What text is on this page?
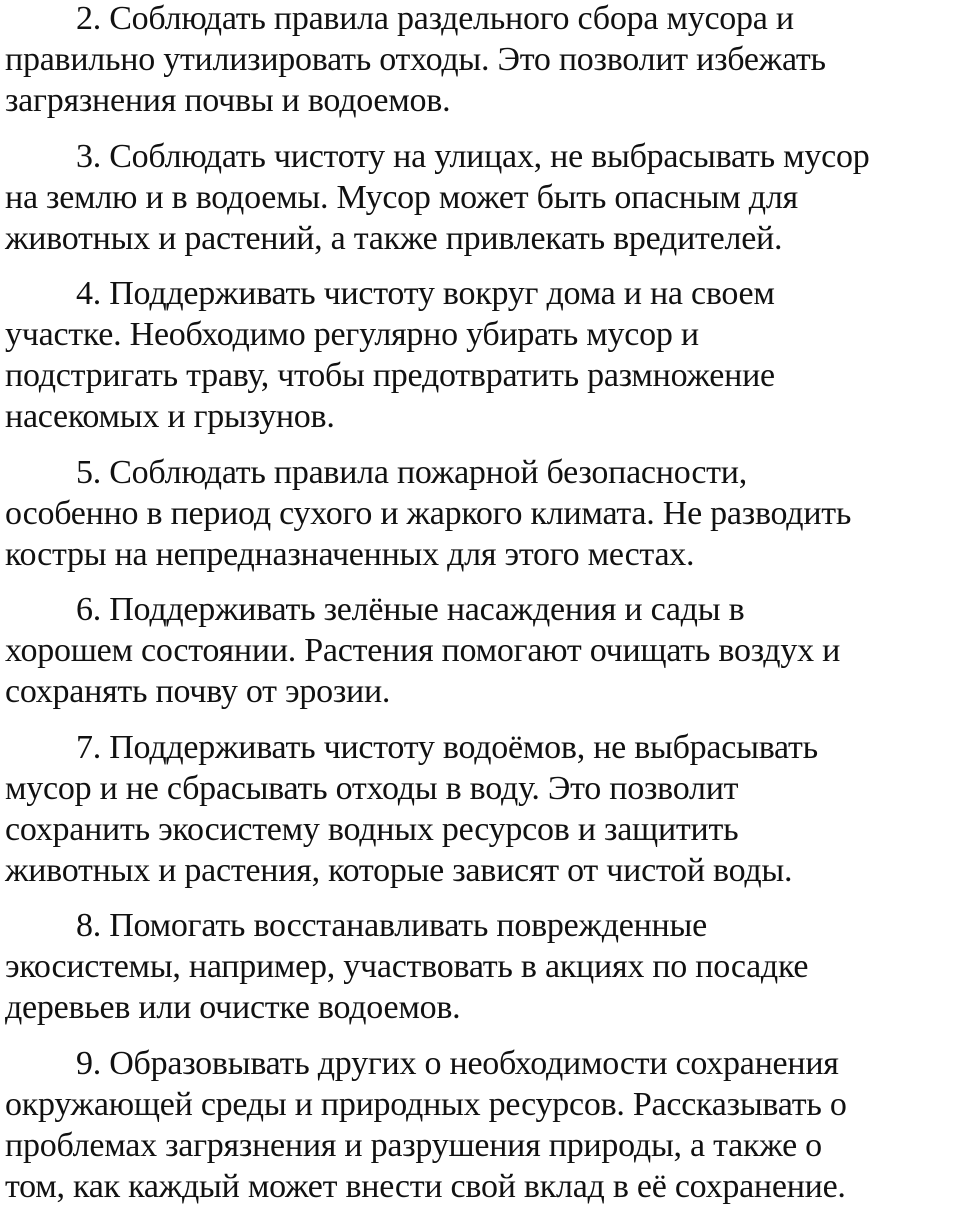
2. Соблюдать правила раздельного сбора мусора и
правильно утилизировать отходы. Это позволит избежать
загрязнения почвы и водоемов.
3. Соблюдать чистоту на улицах, не выбрасывать мусор
на землю и в водоемы. Мусор может быть опасным для
животных и растений, а также привлекать вредителей.
4. Поддерживать чистоту вокруг дома и на своем
участке. Необходимо регулярно убирать мусор и
подстригать траву, чтобы предотвратить размножение
насекомых и грызунов.
5. Соблюдать правила пожарной безопасности,
особенно в период сухого и жаркого климата. Не разводить
костры на непредназначенных для этого местах.
6. Поддерживать зелёные насаждения и сады в
хорошем состоянии. Растения помогают очищать воздух и
сохранять почву от эрозии.
7. Поддерживать чистоту водоёмов, не выбрасывать
мусор и не сбрасывать отходы в воду. Это позволит
сохранить экосистему водных ресурсов и защитить
животных и растения, которые зависят от чистой воды.
8. Помогать восстанавливать поврежденные
экосистемы, например, участвовать в акциях по посадке
деревьев или очистке водоемов.
9. Образовывать других о необходимости сохранения
окружающей среды и природных ресурсов. Рассказывать о
проблемах загрязнения и разрушения природы, а также о
том, как каждый может внести свой вклад в её сохранение.
